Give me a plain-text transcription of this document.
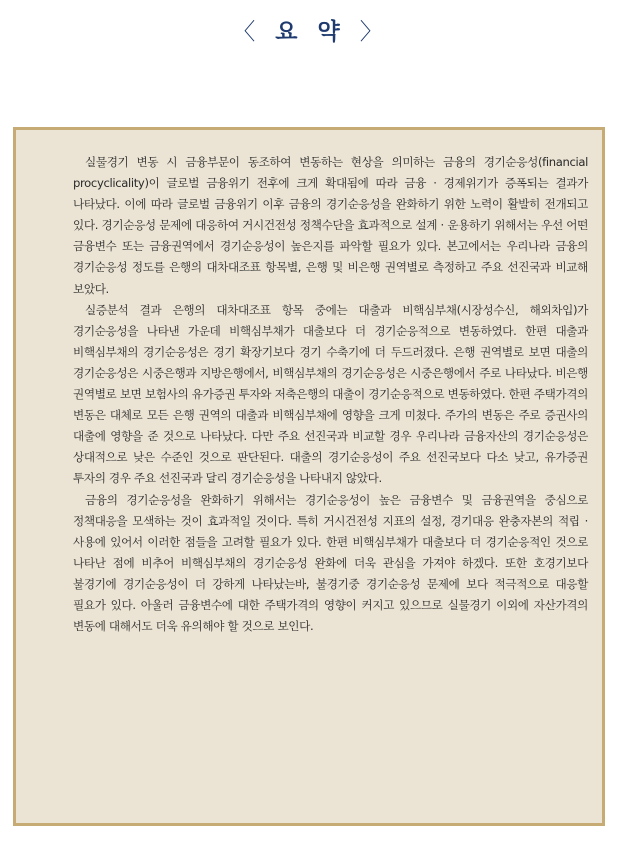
〈 요 약 〉

실물경기 변동 시 금융부문이 동조하여 변동하는 현상을 의미하는 금융의 경기순응성(financial procyclicality)이 글로벌 금융위기 전후에 크게 확대됨에 따라 금융 · 경제위기가 증폭되는 결과가 나타났다. 이에 따라 글로벌 금융위기 이후 금융의 경기순응성을 완화하기 위한 노력이 활발히 전개되고 있다. 경기순응성 문제에 대응하여 거시건전성 정책수단을 효과적으로 설계 · 운용하기 위해서는 우선 어떤 금융변수 또는 금융권역에서 경기순응성이 높은지를 파악할 필요가 있다. 본고에서는 우리나라 금융의 경기순응성 정도를 은행의 대차대조표 항목별, 은행 및 비은행 권역별로 측정하고 주요 선진국과 비교해 보았다.

실증분석 결과 은행의 대차대조표 항목 중에는 대출과 비핵심부채(시장성수신, 해외차입)가 경기순응성을 나타낸 가운데 비핵심부채가 대출보다 더 경기순응적으로 변동하였다. 한편 대출과 비핵심부채의 경기순응성은 경기 확장기보다 경기 수축기에 더 두드러졌다. 은행 권역별로 보면 대출의 경기순응성은 시중은행과 지방은행에서, 비핵심부채의 경기순응성은 시중은행에서 주로 나타났다. 비은행 권역별로 보면 보험사의 유가증권 투자와 저축은행의 대출이 경기순응적으로 변동하였다. 한편 주택가격의 변동은 대체로 모든 은행 권역의 대출과 비핵심부채에 영향을 크게 미쳤다. 주가의 변동은 주로 증권사의 대출에 영향을 준 것으로 나타났다. 다만 주요 선진국과 비교할 경우 우리나라 금융자산의 경기순응성은 상대적으로 낮은 수준인 것으로 판단된다. 대출의 경기순응성이 주요 선진국보다 다소 낮고, 유가증권 투자의 경우 주요 선진국과 달리 경기순응성을 나타내지 않았다.

금융의 경기순응성을 완화하기 위해서는 경기순응성이 높은 금융변수 및 금융권역을 중심으로 정책대응을 모색하는 것이 효과적일 것이다. 특히 거시건전성 지표의 설정, 경기대응 완충자본의 적립 · 사용에 있어서 이러한 점들을 고려할 필요가 있다. 한편 비핵심부채가 대출보다 더 경기순응적인 것으로 나타난 점에 비추어 비핵심부채의 경기순응성 완화에 더욱 관심을 가져야 하겠다. 또한 호경기보다 불경기에 경기순응성이 더 강하게 나타났는바, 불경기중 경기순응성 문제에 보다 적극적으로 대응할 필요가 있다. 아울러 금융변수에 대한 주택가격의 영향이 커지고 있으므로 실물경기 이외에 자산가격의 변동에 대해서도 더욱 유의해야 할 것으로 보인다.
